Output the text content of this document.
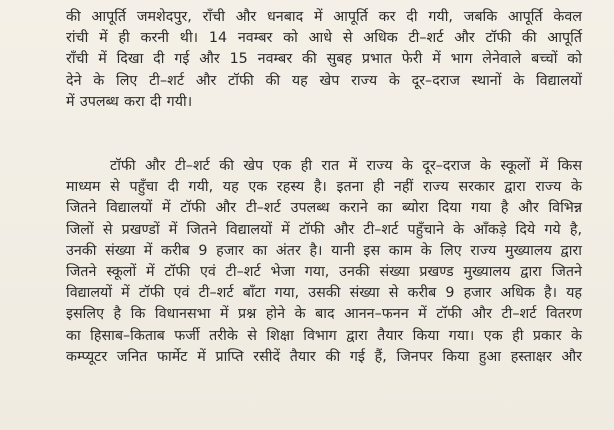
की आपूर्ति जमशेदपुर, राँची और धनबाद में आपूर्ति कर दी गयी, जबकि आपूर्ति केवल
रांची में ही करनी थी। 14 नवम्बर को आधे से अधिक टी–शर्ट और टॉफी की आपूर्ति
राँची में दिखा दी गई और 15 नवम्बर की सुबह प्रभात फेरी में भाग लेनेवाले बच्चों को
देने के लिए टी–शर्ट और टॉफी की यह खेप राज्य के दूर–दराज स्थानों के विद्यालयों
में उपलब्ध करा दी गयी।
टॉफी और टी–शर्ट की खेप एक ही रात में राज्य के दूर–दराज के स्कूलों में किस
माध्यम से पहुँचा दी गयी, यह एक रहस्य है। इतना ही नहीं राज्य सरकार द्वारा राज्य के
जितने विद्यालयों में टॉफी और टी–शर्ट उपलब्ध कराने का ब्योरा दिया गया है और विभिन्न
जिलों से प्रखण्डों में जितने विद्यालयों में टॉफी और टी–शर्ट पहुँचाने के आँकड़े दिये गये है,
उनकी संख्या में करीब 9 हजार का अंतर है। यानी इस काम के लिए राज्य मुख्यालय द्वारा
जितने स्कूलों में टॉफी एवं टी–शर्ट भेजा गया, उनकी संख्या प्रखण्ड मुख्यालय द्वारा जितने
विद्यालयों में टॉफी एवं टी–शर्ट बाँटा गया, उसकी संख्या से करीब 9 हजार अधिक है। यह
इसलिए है कि विधानसभा में प्रश्न होने के बाद आनन–फनन में टॉफी और टी–शर्ट वितरण
का हिसाब–किताब फर्जी तरीके से शिक्षा विभाग द्वारा तैयार किया गया। एक ही प्रकार के
कम्प्यूटर जनित फार्मेट में प्राप्ति रसीदें तैयार की गई हैं, जिनपर किया हुआ हस्ताक्षर और
